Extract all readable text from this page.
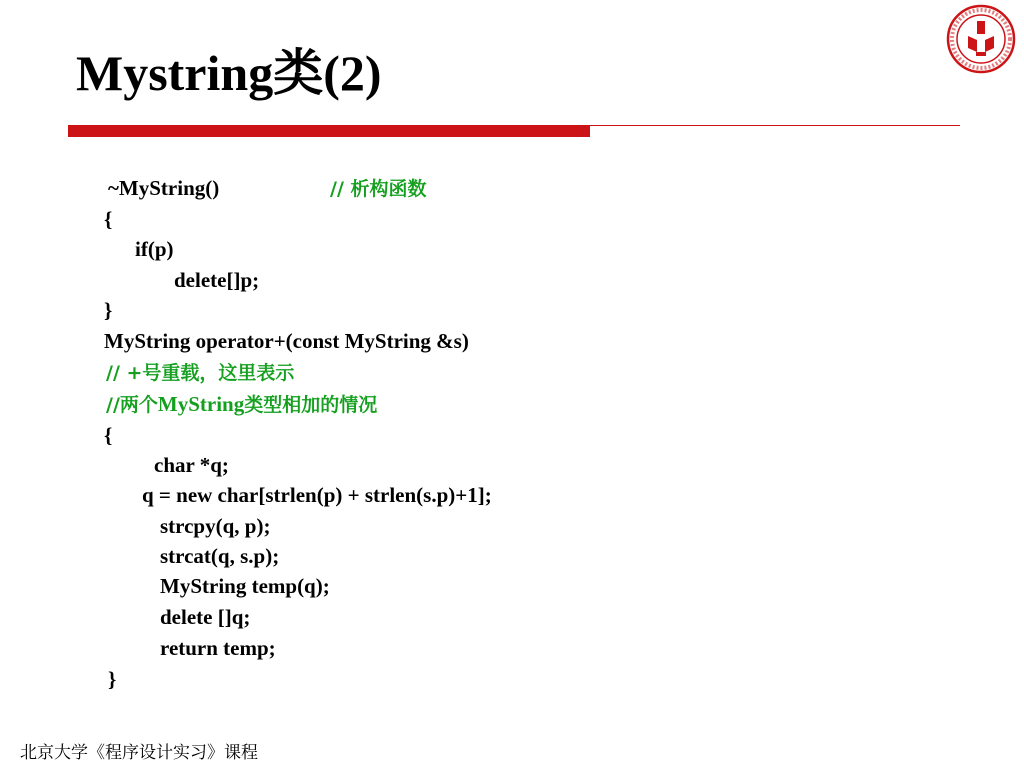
Mystring类(2)
~MyString()	// 析构函数
{
if(p)
delete[]p;
}
MyString operator+(const MyString &s)
// +号重载，这里表示
//两个MyString类型相加的情况
{
char *q;
q = new char[strlen(p) + strlen(s.p)+1];
strcpy(q, p);
strcat(q, s.p);
MyString temp(q);
delete []q;
return temp;
}
北京大学《程序设计实习》课程
